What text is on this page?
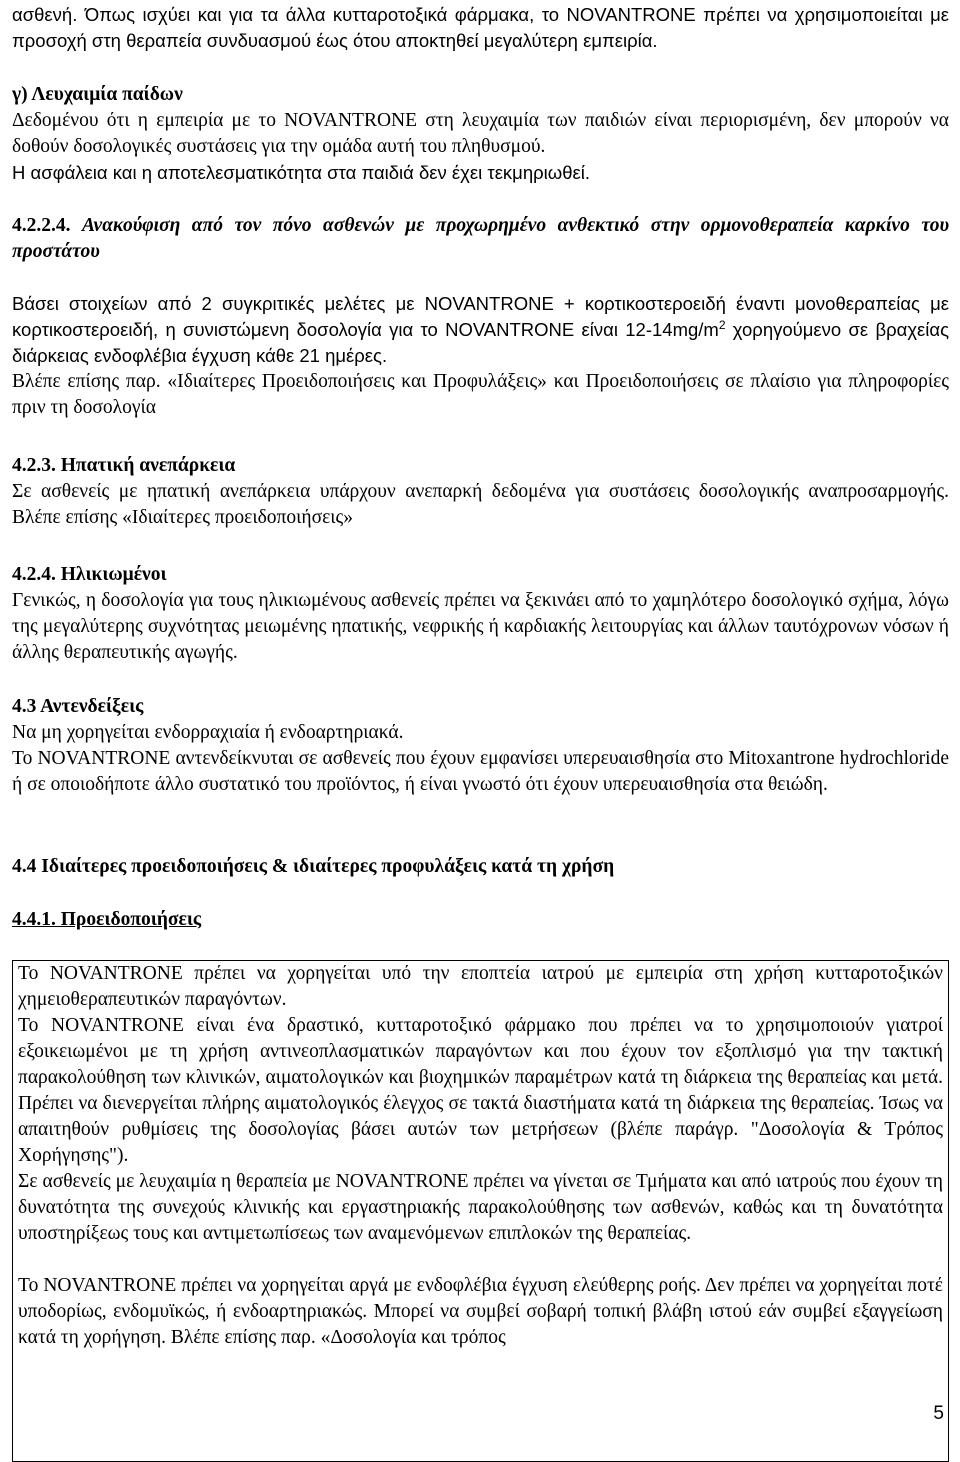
ασθενή. Όπως ισχύει και για τα άλλα κυτταροτοξικά φάρμακα, το NOVANTRONE πρέπει να χρησιμοποιείται με προσοχή στη θεραπεία συνδυασμού έως ότου αποκτηθεί μεγαλύτερη εμπειρία.

γ) Λευχαιμία παίδων

Δεδομένου ότι η εμπειρία με το NOVANTRONE στη λευχαιμία των παιδιών είναι περιορισμένη, δεν μπορούν να δοθούν δοσολογικές συστάσεις για την ομάδα αυτή του πληθυσμού.

Η ασφάλεια και η αποτελεσματικότητα στα παιδιά δεν έχει τεκμηριωθεί.

4.2.2.4. Ανακούφιση από τον πόνο ασθενών με προχωρημένο ανθεκτικό στην ορμονοθεραπεία καρκίνο του προστάτου

Βάσει στοιχείων από 2 συγκριτικές μελέτες με NOVANTRONE + κορτικοστεροειδή έναντι μονοθεραπείας με κορτικοστεροειδή, η συνιστώμενη δοσολογία για το NOVANTRONE είναι $12-14mg/m^2$ χορηγούμενο σε βραχείας διάρκειας ενδοφλέβια έγχυση κάθε 21 ημέρες.

Βλέπε επίσης παρ. «Ιδιαίτερες Προειδοποιήσεις και Προφυλάξεις» και Προειδοποιήσεις σε πλαίσιο για πληροφορίες πριν τη δοσολογία

4.2.3. Ηπατική ανεπάρκεια

Σε ασθενείς με ηπατική ανεπάρκεια υπάρχουν ανεπαρκή δεδομένα για συστάσεις δοσολογικής αναπροσαρμογής. Βλέπε επίσης «Ιδιαίτερες προειδοποιήσεις»

4.2.4. Ηλικιωμένοι

Γενικώς, η δοσολογία για τους ηλικιωμένους ασθενείς πρέπει να ξεκινάει από το χαμηλότερο δοσολογικό σχήμα, λόγω της μεγαλύτερης συχνότητας μειωμένης ηπατικής, νεφρικής ή καρδιακής λειτουργίας και άλλων ταυτόχρονων νόσων ή άλλης θεραπευτικής αγωγής.

4.3 Αντενδείξεις

Να μη χορηγείται ενδορραχιαία ή ενδοαρτηριακά.

Το NOVANTRONE αντενδείκνυται σε ασθενείς που έχουν εμφανίσει υπερευαισθησία στο Mitoxantrone hydrochloride ή σε οποιοδήποτε άλλο συστατικό του προϊόντος, ή είναι γνωστό ότι έχουν υπερευαισθησία στα θειώδη.

4.4 Ιδιαίτερες προειδοποιήσεις & ιδιαίτερες προφυλάξεις κατά τη χρήση

4.4.1. Προειδοποιήσεις

Το NOVANTRONE πρέπει να χορηγείται υπό την εποπτεία ιατρού με εμπειρία στη χρήση κυτταροτοξικών χημειοθεραπευτικών παραγόντων.

Το NOVANTRONE είναι ένα δραστικό, κυτταροτοξικό φάρμακο που πρέπει να το χρησιμοποιούν γιατροί εξοικειωμένοι με τη χρήση αντινεοπλασματικών παραγόντων και που έχουν τον εξοπλισμό για την τακτική παρακολούθηση των κλινικών, αιματολογικών και βιοχημικών παραμέτρων κατά τη διάρκεια της θεραπείας και μετά. Πρέπει να διενεργείται πλήρης αιματολογικός έλεγχος σε τακτά διαστήματα κατά τη διάρκεια της θεραπείας. Ίσως να απαιτηθούν ρυθμίσεις της δοσολογίας βάσει αυτών των μετρήσεων (βλέπε παράγρ. "Δοσολογία & Τρόπος Χορήγησης").

Σε ασθενείς με λευχαιμία η θεραπεία με NOVANTRONE πρέπει να γίνεται σε Τμήματα και από ιατρούς που έχουν τη δυνατότητα της συνεχούς κλινικής και εργαστηριακής παρακολούθησης των ασθενών, καθώς και τη δυνατότητα υποστηρίξεως τους και αντιμετωπίσεως των αναμενόμενων επιπλοκών της θεραπείας.

Το NOVANTRONE πρέπει να χορηγείται αργά με ενδοφλέβια έγχυση ελεύθερης ροής. Δεν πρέπει να χορηγείται ποτέ υποδορίως, ενδομυϊκώς, ή ενδοαρτηριακώς. Μπορεί να συμβεί σοβαρή τοπική βλάβη ιστού εάν συμβεί εξαγγείωση κατά τη χορήγηση. Βλέπε επίσης παρ. «Δοσολογία και τρόπος

5
